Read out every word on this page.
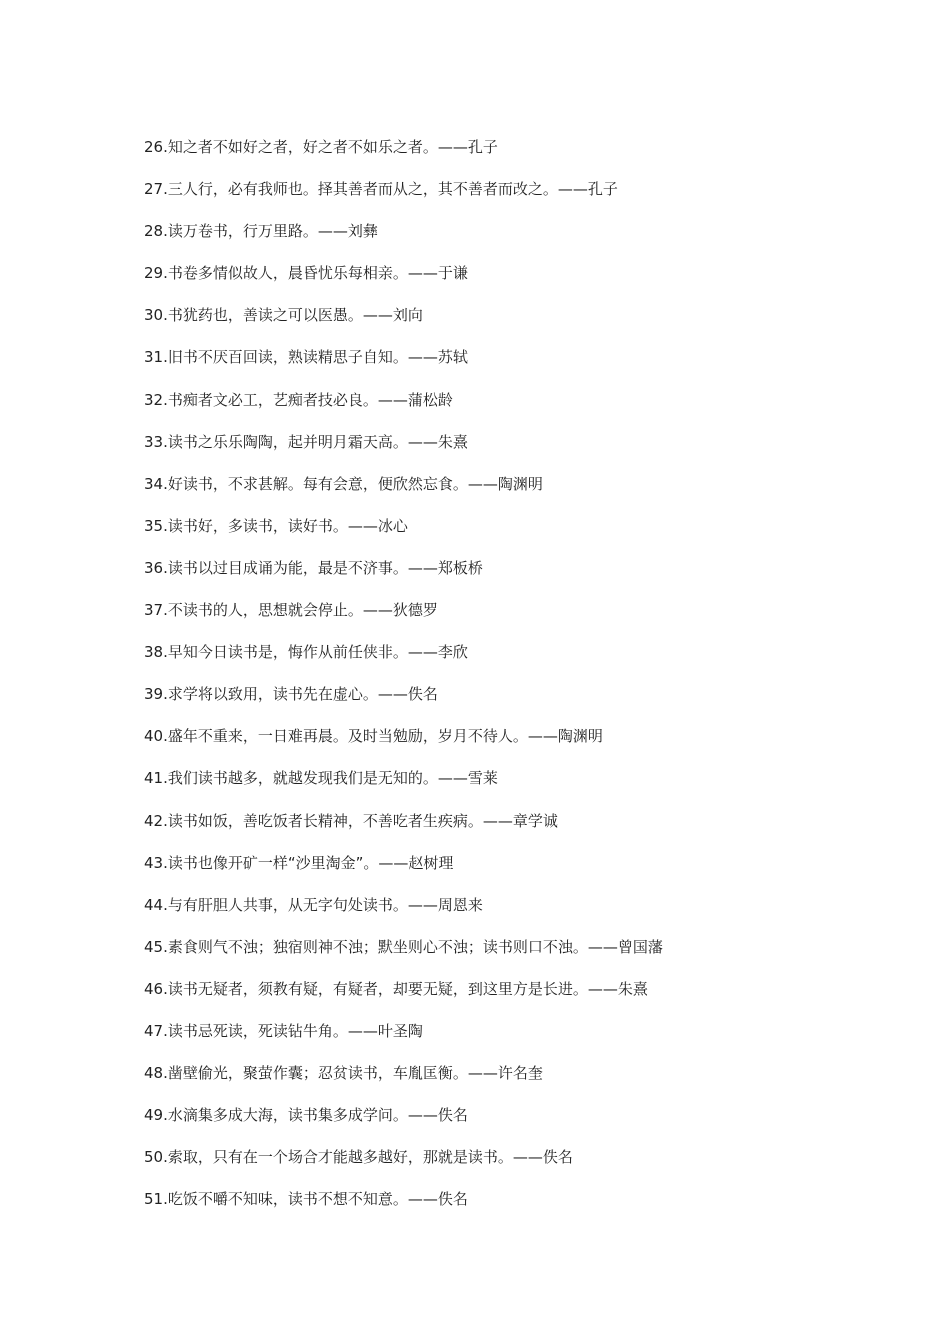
26.知之者不如好之者，好之者不如乐之者。——孔子
27.三人行，必有我师也。择其善者而从之，其不善者而改之。——孔子
28.读万卷书，行万里路。——刘彝
29.书卷多情似故人，晨昏忧乐每相亲。——于谦
30.书犹药也，善读之可以医愚。——刘向
31.旧书不厌百回读，熟读精思子自知。——苏轼
32.书痴者文必工，艺痴者技必良。——蒲松龄
33.读书之乐乐陶陶，起并明月霜天高。——朱熹
34.好读书，不求甚解。每有会意，便欣然忘食。——陶渊明
35.读书好，多读书，读好书。——冰心
36.读书以过目成诵为能，最是不济事。——郑板桥
37.不读书的人，思想就会停止。——狄德罗
38.早知今日读书是，悔作从前任侠非。——李欣
39.求学将以致用，读书先在虚心。——佚名
40.盛年不重来，一日难再晨。及时当勉励，岁月不待人。——陶渊明
41.我们读书越多，就越发现我们是无知的。——雪莱
42.读书如饭，善吃饭者长精神，不善吃者生疾病。——章学诚
43.读书也像开矿一样“沙里淘金”。——赵树理
44.与有肝胆人共事，从无字句处读书。——周恩来
45.素食则气不浊；独宿则神不浊；默坐则心不浊；读书则口不浊。——曾国藩
46.读书无疑者，须教有疑，有疑者，却要无疑，到这里方是长进。——朱熹
47.读书忌死读，死读钻牛角。——叶圣陶
48.凿壁偷光，聚萤作囊；忍贫读书，车胤匡衡。——许名奎
49.水滴集多成大海，读书集多成学问。——佚名
50.索取，只有在一个场合才能越多越好，那就是读书。——佚名
51.吃饭不嚼不知味，读书不想不知意。——佚名
